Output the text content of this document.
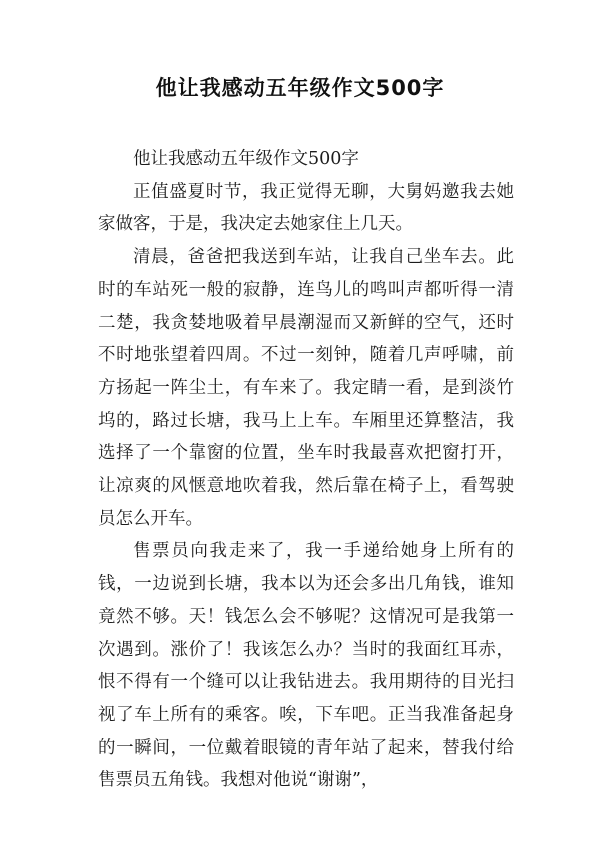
他让我感动五年级作文500字

他让我感动五年级作文500字

正值盛夏时节，我正觉得无聊，大舅妈邀我去她家做客，于是，我决定去她家住上几天。

清晨，爸爸把我送到车站，让我自己坐车去。此时的车站死一般的寂静，连鸟儿的鸣叫声都听得一清二楚，我贪婪地吸着早晨潮湿而又新鲜的空气，还时不时地张望着四周。不过一刻钟，随着几声呼啸，前方扬起一阵尘土，有车来了。我定睛一看，是到淡竹坞的，路过长塘，我马上上车。车厢里还算整洁，我选择了一个靠窗的位置，坐车时我最喜欢把窗打开，让凉爽的风惬意地吹着我，然后靠在椅子上，看驾驶员怎么开车。

售票员向我走来了，我一手递给她身上所有的钱，一边说到长塘，我本以为还会多出几角钱，谁知竟然不够。天！钱怎么会不够呢？这情况可是我第一次遇到。涨价了！我该怎么办？当时的我面红耳赤，恨不得有一个缝可以让我钻进去。我用期待的目光扫视了车上所有的乘客。唉，下车吧。正当我准备起身的一瞬间，一位戴着眼镜的青年站了起来，替我付给售票员五角钱。我想对他说“谢谢”，
